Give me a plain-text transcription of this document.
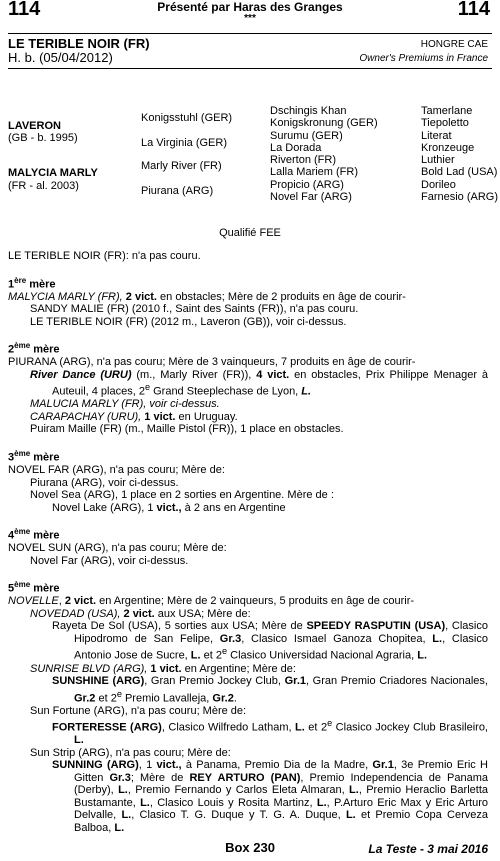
114	114
Présenté par Haras des Granges
***
LE TERIBLE NOIR (FR)
H. b. (05/04/2012)
HONGRE CAE
Owner's Premiums in France
LAVERON
(GB - b. 1995)
MALYCIA MARLY
(FR - al. 2003)
Konigsstuhl (GER)
La Virginia (GER)
Marly River (FR)
Piurana (ARG)
Dschingis Khan
Konigskronung (GER)
Surumu (GER)
La Dorada
Riverton (FR)
Lalla Mariem (FR)
Propicio (ARG)
Novel Far (ARG)
Tamerlane
Tiepoletto
Literat
Kronzeuge
Luthier
Bold Lad (USA)
Dorileo
Farnesio (ARG)
Qualifié FEE

LE TERIBLE NOIR (FR): n'a pas couru.

1ère mère

MALYCIA MARLY (FR), 2 vict. en obstacles; Mère de 2 produits en âge de courir-

SANDY MALIE (FR) (2010 f., Saint des Saints (FR)), n'a pas couru.

LE TERIBLE NOIR (FR) (2012 m., Laveron (GB)), voir ci-dessus.

2ème mère

PIURANA (ARG), n'a pas couru; Mère de 3 vainqueurs, 7 produits en âge de courir-

River Dance (URU) (m., Marly River (FR)), 4 vict. en obstacles, Prix Philippe Menager à Auteuil, 4 places, 2e Grand Steeplechase de Lyon, L.

MALUCIA MARLY (FR), voir ci-dessus.

CARAPACHAY (URU), 1 vict. en Uruguay.

Puiram Maille (FR) (m., Maille Pistol (FR)), 1 place en obstacles.

3ème mère

NOVEL FAR (ARG), n'a pas couru; Mère de:

Piurana (ARG), voir ci-dessus.

Novel Sea (ARG), 1 place en 2 sorties en Argentine. Mère de :

Novel Lake (ARG), 1 vict., à 2 ans en Argentine

4ème mère

NOVEL SUN (ARG), n'a pas couru; Mère de:

Novel Far (ARG), voir ci-dessus.

5ème mère

NOVELLE, 2 vict. en Argentine; Mère de 2 vainqueurs, 5 produits en âge de courir-

NOVEDAD (USA), 2 vict. aux USA; Mère de:

Rayeta De Sol (USA), 5 sorties aux USA; Mère de SPEEDY RASPUTIN (USA), Clasico Hipodromo de San Felipe, Gr.3, Clasico Ismael Ganoza Chopitea, L., Clasico Antonio Jose de Sucre, L. et 2e Clasico Universidad Nacional Agraria, L.

SUNRISE BLVD (ARG), 1 vict. en Argentine; Mère de:

SUNSHINE (ARG), Gran Premio Jockey Club, Gr.1, Gran Premio Criadores Nacionales, Gr.2 et 2e Premio Lavalleja, Gr.2.

Sun Fortune (ARG), n'a pas couru; Mère de:

FORTERESSE (ARG), Clasico Wilfredo Latham, L. et 2e Clasico Jockey Club Brasileiro, L.

Sun Strip (ARG), n'a pas couru; Mère de:

SUNNING (ARG), 1 vict., à Panama, Premio Dia de la Madre, Gr.1, 3e Premio Eric H Gitten Gr.3; Mère de REY ARTURO (PAN), Premio Independencia de Panama (Derby), L., Premio Fernando y Carlos Eleta Almaran, L., Premio Heraclio Barletta Bustamante, L., Clasico Louis y Rosita Martinz, L., P.Arturo Eric Max y Eric Arturo Delvalle, L., Clasico T. G. Duque y T. G. A. Duque, L. et Premio Copa Cerveza Balboa, L.

Box 230	La Teste - 3 mai 2016
